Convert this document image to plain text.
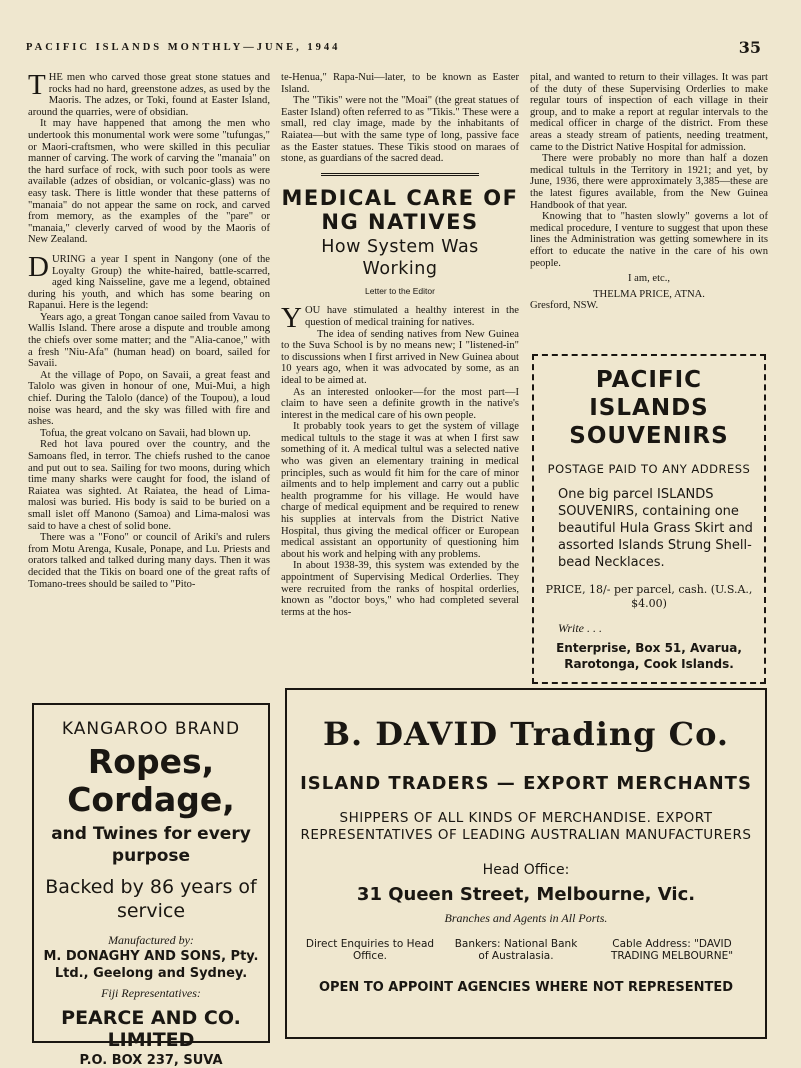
PACIFIC ISLANDS MONTHLY—JUNE, 1944	35

THE men who carved those great stone statues and rocks had no hard, greenstone adzes, as used by the Maoris. The adzes, or Toki, found at Easter Island, around the quarries, were of obsidian.

It may have happened that among the men who undertook this monumental work were some "tufungas," or Maori-craftsmen, who were skilled in this peculiar manner of carving. The work of carving the "manaia" on the hard surface of rock, with such poor tools as were available (adzes of obsidian, or volcanic-glass) was no easy task. There is little wonder that these patterns of "manaia" do not appear the same on rock, and carved from memory, as the examples of the "pare" or "manaia," cleverly carved of wood by the Maoris of New Zealand.

DURING a year I spent in Nangony (one of the Loyalty Group) the white-haired, battle-scarred, aged king Naisseline, gave me a legend, obtained during his youth, and which has some bearing on Rapanui. Here is the legend:

Years ago, a great Tongan canoe sailed from Vavau to Wallis Island. There arose a dispute and trouble among the chiefs over some matter; and the "Alia-canoe," with a fresh "Niu-Afa" (human head) on board, sailed for Savaii.

At the village of Popo, on Savaii, a great feast and Talolo was given in honour of one, Mui-Mui, a high chief. During the Talolo (dance) of the Toupou), a loud noise was heard, and the sky was filled with fire and ashes.

Tofua, the great volcano on Savaii, had blown up.

Red hot lava poured over the country, and the Samoans fled, in terror. The chiefs rushed to the canoe and put out to sea. Sailing for two moons, during which time many sharks were caught for food, the island of Raiatea was sighted. At Raiatea, the head of Lima-malosi was buried. His body is said to be buried on a small islet off Manono (Samoa) and Lima-malosi was said to have a chest of solid bone.

There was a "Fono" or council of Ariki's and rulers from Motu Arenga, Kusale, Ponape, and Lu. Priests and orators talked and talked during many days. Then it was decided that the Tikis on board one of the great rafts of Tomano-trees should be sailed to "Pito-

te-Henua," Rapa-Nui—later, to be known as Easter Island.

The "Tikis" were not the "Moai" (the great statues of Easter Island) often referred to as "Tikis." These were a small, red clay image, made by the inhabitants of Raiatea—but with the same type of long, passive face as the Easter statues. These Tikis stood on maraes of stone, as guardians of the sacred dead.

MEDICAL CARE OF NG NATIVES
How System Was Working
Letter to the Editor

YOU have stimulated a healthy interest in the question of medical training for natives.

The idea of sending natives from New Guinea to the Suva School is by no means new; I "listened-in" to discussions when I first arrived in New Guinea about 10 years ago, when it was advocated by some, as an ideal to be aimed at.

As an interested onlooker—for the most part—I claim to have seen a definite growth in the native's interest in the medical care of his own people.

It probably took years to get the system of village medical tultuls to the stage it was at when I first saw something of it. A medical tultul was a selected native who was given an elementary training in medical principles, such as would fit him for the care of minor ailments and to help implement and carry out a public health programme for his village. He would have charge of medical equipment and be required to renew his supplies at intervals from the District Native Hospital, thus giving the medical officer or European medical assistant an opportunity of questioning him about his work and helping with any problems.

In about 1938-39, this system was extended by the appointment of Supervising Medical Orderlies. They were recruited from the ranks of hospital orderlies, known as "doctor boys," who had completed several terms at the hos-

pital, and wanted to return to their villages. It was part of the duty of these Supervising Orderlies to make regular tours of inspection of each village in their group, and to make a report at regular intervals to the medical officer in charge of the district. From these areas a steady stream of patients, needing treatment, came to the District Native Hospital for admission.

There were probably no more than half a dozen medical tultuls in the Territory in 1921; and yet, by June, 1936, there were approximately 3,385—these are the latest figures available, from the New Guinea Handbook of that year.

Knowing that to "hasten slowly" governs a lot of medical procedure, I venture to suggest that upon these lines the Administration was getting somewhere in its effort to educate the native in the care of his own people.

I am, etc.,
THELMA PRICE, ATNA.

Gresford, NSW.

PACIFIC ISLANDS SOUVENIRS
POSTAGE PAID TO ANY ADDRESS
One big parcel ISLANDS SOUVENIRS, containing one beautiful Hula Grass Skirt and assorted Islands Strung Shell-bead Necklaces.
PRICE, 18/- per parcel, cash. (U.S.A., $4.00)
Write . . .
Enterprise, Box 51, Avarua, Rarotonga, Cook Islands.
KANGAROO BRAND
Ropes, Cordage,
and Twines for every purpose
Backed by 86 years of service
Manufactured by:
M. DONAGHY AND SONS, Pty. Ltd., Geelong and Sydney.
Fiji Representatives:
PEARCE AND CO. LIMITED
P.O. BOX 237, SUVA
B. DAVID Trading Co.
ISLAND TRADERS — EXPORT MERCHANTS
SHIPPERS OF ALL KINDS OF MERCHANDISE. EXPORT REPRESENTATIVES OF LEADING AUSTRALIAN MANUFACTURERS
Head Office:
31 Queen Street, Melbourne, Vic.
Branches and Agents in All Ports.
Direct Enquiries to Head Office.
Bankers: National Bank of Australasia.
Cable Address: "DAVID TRADING MELBOURNE"
OPEN TO APPOINT AGENCIES WHERE NOT REPRESENTED
